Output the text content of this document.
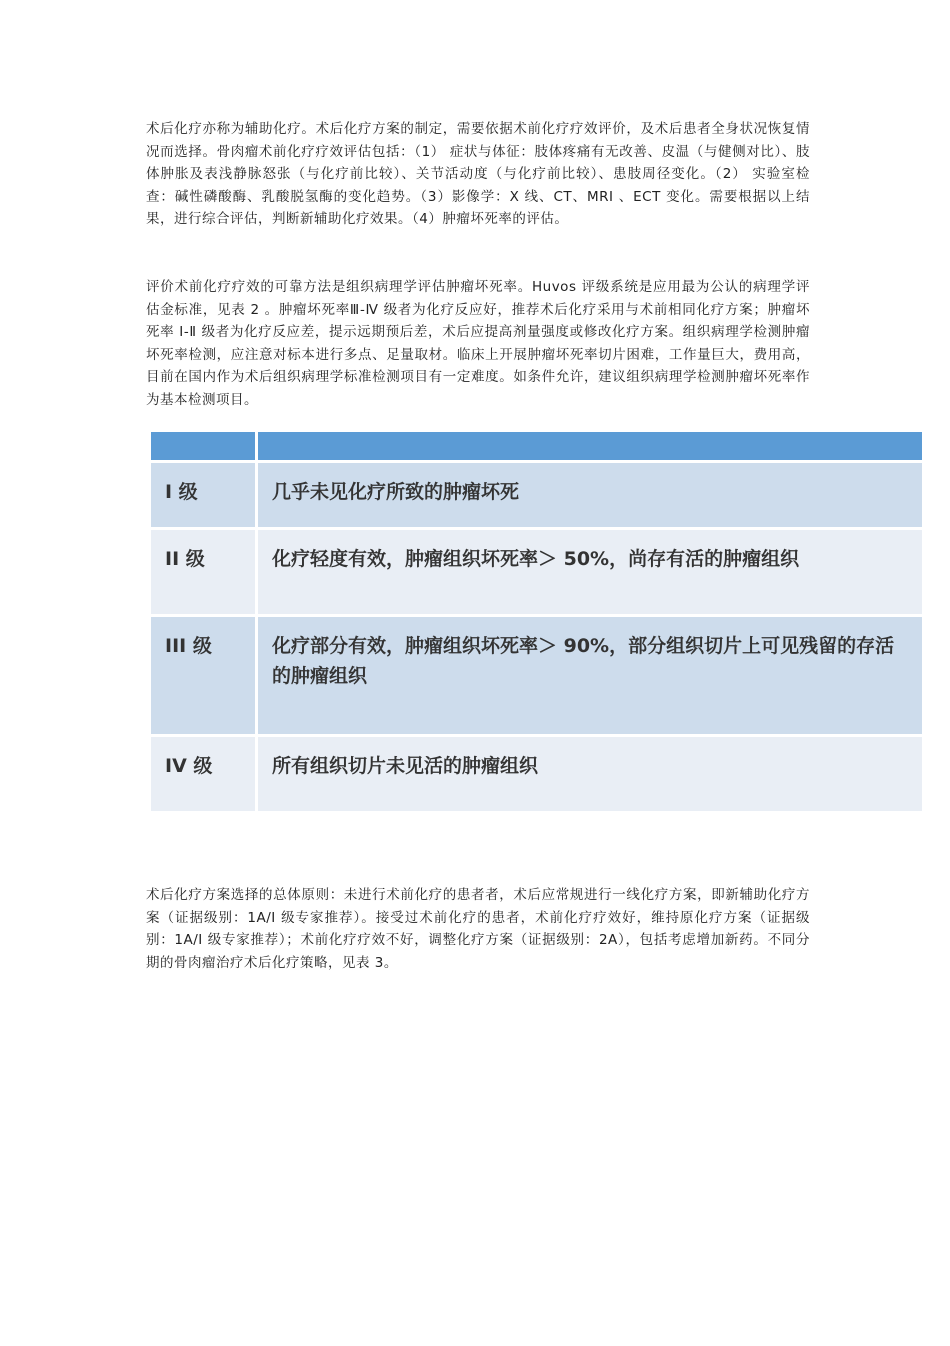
术后化疗亦称为辅助化疗。术后化疗方案的制定，需要依据术前化疗疗效评价，及术后患者全身状况恢复情况而选择。骨肉瘤术前化疗疗效评估包括：（1） 症状与体征：肢体疼痛有无改善、皮温（与健侧对比）、肢体肿胀及表浅静脉怒张（与化疗前比较）、关节活动度（与化疗前比较）、患肢周径变化。（2） 实验室检查：碱性磷酸酶、乳酸脱氢酶的变化趋势。（3）影像学：X 线、CT、MRI 、ECT 变化。需要根据以上结果，进行综合评估，判断新辅助化疗效果。（4）肿瘤坏死率的评估。
评价术前化疗疗效的可靠方法是组织病理学评估肿瘤坏死率。Huvos 评级系统是应用最为公认的病理学评估金标准，见表 2 。肿瘤坏死率Ⅲ-Ⅳ 级者为化疗反应好，推荐术后化疗采用与术前相同化疗方案；肿瘤坏死率 Ⅰ-Ⅱ 级者为化疗反应差，提示远期预后差，术后应提高剂量强度或修改化疗方案。组织病理学检测肿瘤坏死率检测，应注意对标本进行多点、足量取材。临床上开展肿瘤坏死率切片困难，工作量巨大，费用高， 目前在国内作为术后组织病理学标准检测项目有一定难度。如条件允许，建议组织病理学检测肿瘤坏死率作为基本检测项目。

I 级	几乎未见化疗所致的肿瘤坏死
II 级	化疗轻度有效，肿瘤组织坏死率＞ 50%，尚存有活的肿瘤组织
III 级	化疗部分有效，肿瘤组织坏死率＞ 90%，部分组织切片上可见残留的存活的肿瘤组织
IV 级	所有组织切片未见活的肿瘤组织
术后化疗方案选择的总体原则：未进行术前化疗的患者者，术后应常规进行一线化疗方案，即新辅助化疗方案（证据级别：1A/I 级专家推荐）。接受过术前化疗的患者，术前化疗疗效好，维持原化疗方案（证据级别：1A/I 级专家推荐）；术前化疗疗效不好，调整化疗方案（证据级别：2A），包括考虑增加新药。不同分期的骨肉瘤治疗术后化疗策略，见表 3。
